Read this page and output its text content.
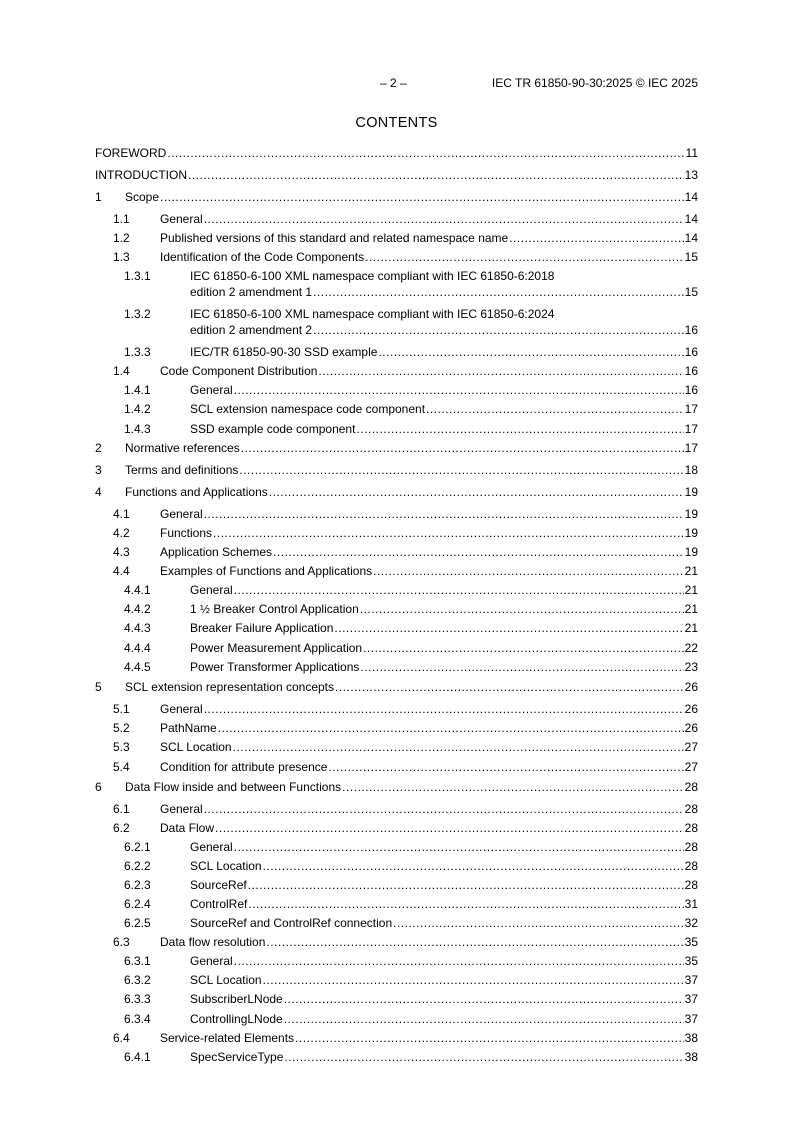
– 2 –	IEC TR 61850-90-30:2025 © IEC 2025
CONTENTS
FOREWORD .....	11
INTRODUCTION .....	13
1 Scope .....	14
1.1	General .....	14
1.2	Published versions of this standard and related namespace name .....	14
1.3	Identification of the Code Components .....	15
1.3.1	IEC 61850-6-100 XML namespace compliant with IEC 61850-6:2018
edition 2 amendment 1 .....	15
1.3.2	IEC 61850-6-100 XML namespace compliant with IEC 61850-6:2024
edition 2 amendment 2 .....	16
1.3.3	IEC/TR 61850-90-30 SSD example .....	16
1.4	Code Component Distribution .....	16
1.4.1	General .....	16
1.4.2	SCL extension namespace code component .....	17
1.4.3	SSD example code component .....	17
2 Normative references .....	17
3 Terms and definitions .....	18
4 Functions and Applications .....	19
4.1	General .....	19
4.2	Functions .....	19
4.3	Application Schemes .....	19
4.4	Examples of Functions and Applications .....	21
4.4.1	General .....	21
4.4.2	1 ½ Breaker Control Application .....	21
4.4.3	Breaker Failure Application .....	21
4.4.4	Power Measurement Application .....	22
4.4.5	Power Transformer Applications .....	23
5 SCL extension representation concepts .....	26
5.1	General .....	26
5.2	PathName .....	26
5.3	SCL Location .....	27
5.4	Condition for attribute presence .....	27
6 Data Flow inside and between Functions .....	28
6.1	General .....	28
6.2	Data Flow .....	28
6.2.1	General .....	28
6.2.2	SCL Location .....	28
6.2.3	SourceRef .....	28
6.2.4	ControlRef .....	31
6.2.5	SourceRef and ControlRef connection .....	32
6.3	Data flow resolution .....	35
6.3.1	General .....	35
6.3.2	SCL Location .....	37
6.3.3	SubscriberLNode .....	37
6.3.4	ControllingLNode .....	37
6.4	Service-related Elements .....	38
6.4.1	SpecServiceType .....	38
